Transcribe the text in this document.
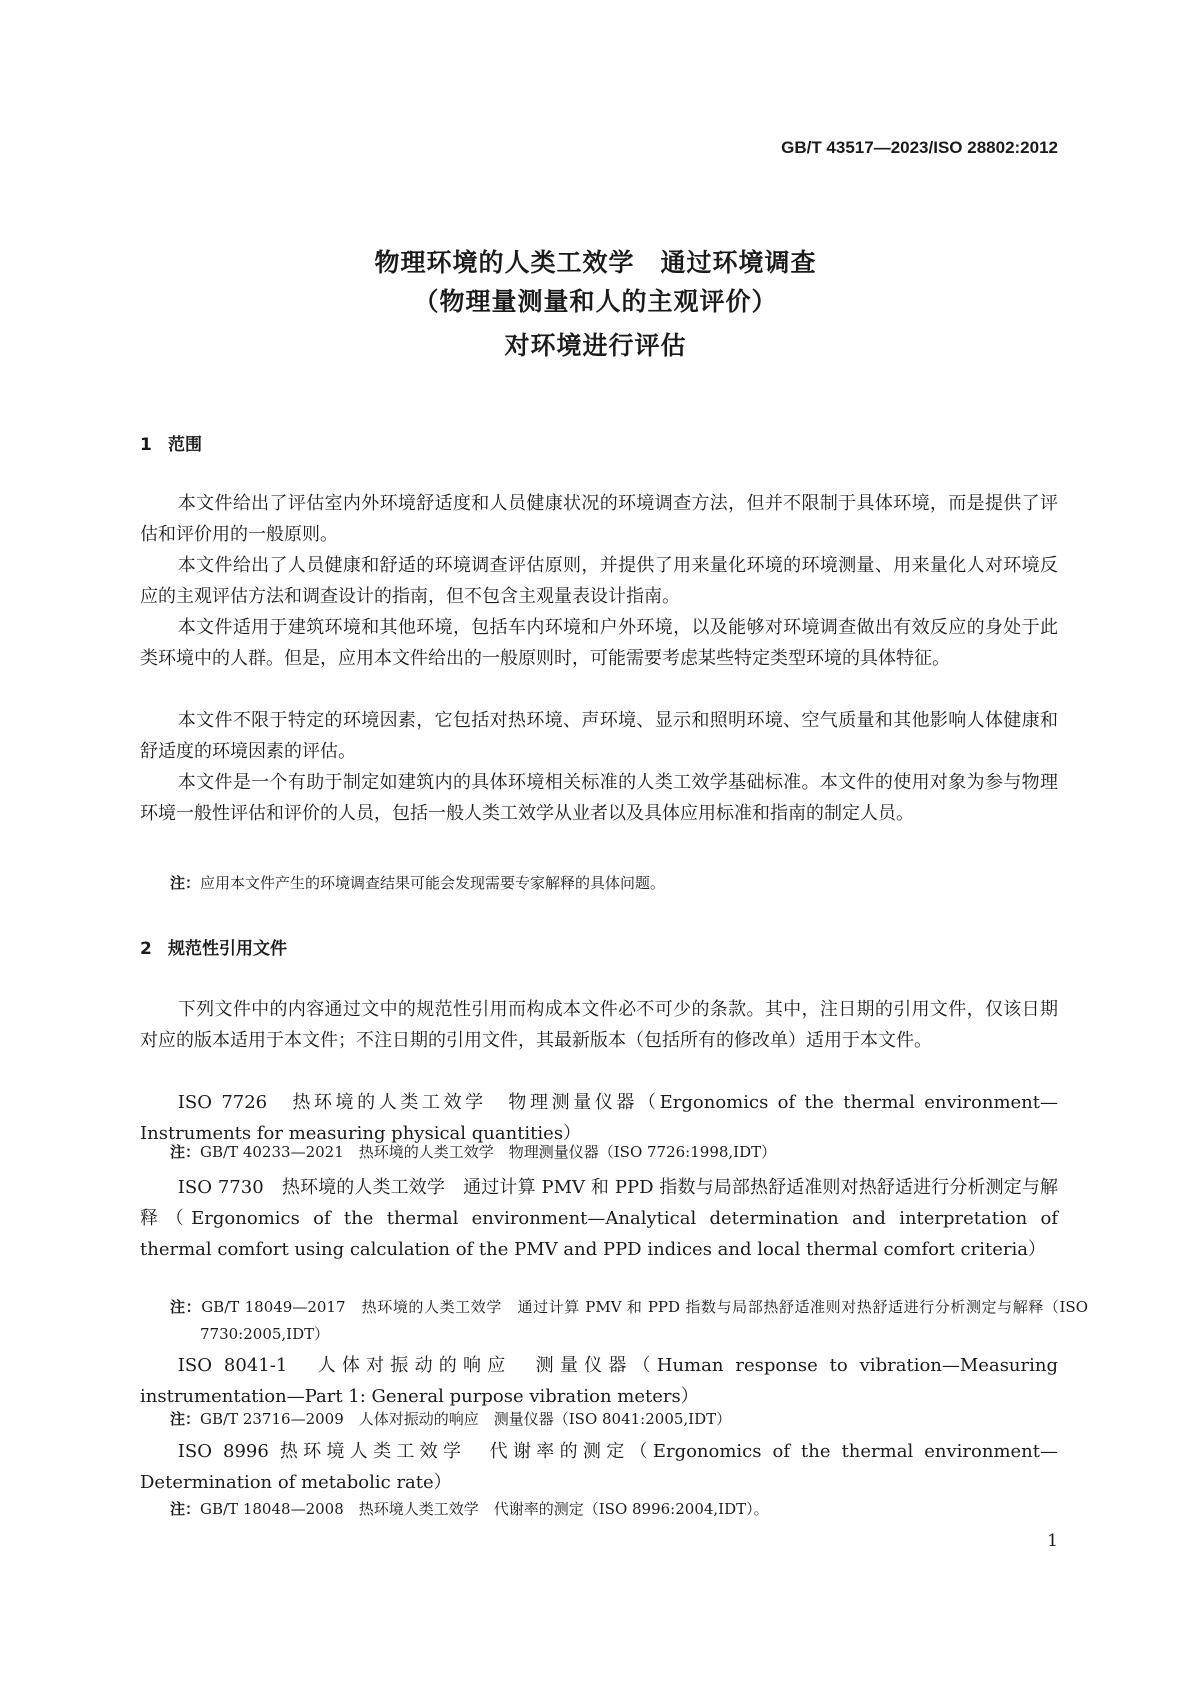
GB/T 43517—2023/ISO 28802:2012
物理环境的人类工效学　通过环境调查
（物理量测量和人的主观评价）
对环境进行评估
1 范围
本文件给出了评估室内外环境舒适度和人员健康状况的环境调查方法，但并不限制于具体环境，而是提供了评估和评价用的一般原则。
本文件给出了人员健康和舒适的环境调查评估原则，并提供了用来量化环境的环境测量、用来量化人对环境反应的主观评估方法和调查设计的指南，但不包含主观量表设计指南。
本文件适用于建筑环境和其他环境，包括车内环境和户外环境，以及能够对环境调查做出有效反应的身处于此类环境中的人群。但是，应用本文件给出的一般原则时，可能需要考虑某些特定类型环境的具体特征。
本文件不限于特定的环境因素，它包括对热环境、声环境、显示和照明环境、空气质量和其他影响人体健康和舒适度的环境因素的评估。
本文件是一个有助于制定如建筑内的具体环境相关标准的人类工效学基础标准。本文件的使用对象为参与物理环境一般性评估和评价的人员，包括一般人类工效学从业者以及具体应用标准和指南的制定人员。
注：应用本文件产生的环境调查结果可能会发现需要专家解释的具体问题。
2 规范性引用文件
下列文件中的内容通过文中的规范性引用而构成本文件必不可少的条款。其中，注日期的引用文件，仅该日期对应的版本适用于本文件；不注日期的引用文件，其最新版本（包括所有的修改单）适用于本文件。
ISO 7726　热环境的人类工效学　物理测量仪器（Ergonomics of the thermal environment—Instruments for measuring physical quantities）
注：GB/T 40233—2021　热环境的人类工效学　物理测量仪器（ISO 7726:1998,IDT）
ISO 7730　热环境的人类工效学　通过计算 PMV 和 PPD 指数与局部热舒适准则对热舒适进行分析测定与解释（Ergonomics of the thermal environment—Analytical determination and interpretation of thermal comfort using calculation of the PMV and PPD indices and local thermal comfort criteria）
注：GB/T 18049—2017　热环境的人类工效学　通过计算 PMV 和 PPD 指数与局部热舒适准则对热舒适进行分析测定与解释（ISO 7730:2005,IDT）
ISO 8041-1　人体对振动的响应　测量仪器（Human response to vibration—Measuring instrumentation—Part 1: General purpose vibration meters）
注：GB/T 23716—2009　人体对振动的响应　测量仪器（ISO 8041:2005,IDT）
ISO 8996 热环境人类工效学　代谢率的测定（Ergonomics of the thermal environment—Determination of metabolic rate）
注：GB/T 18048—2008　热环境人类工效学　代谢率的测定（ISO 8996:2004,IDT）。
1
